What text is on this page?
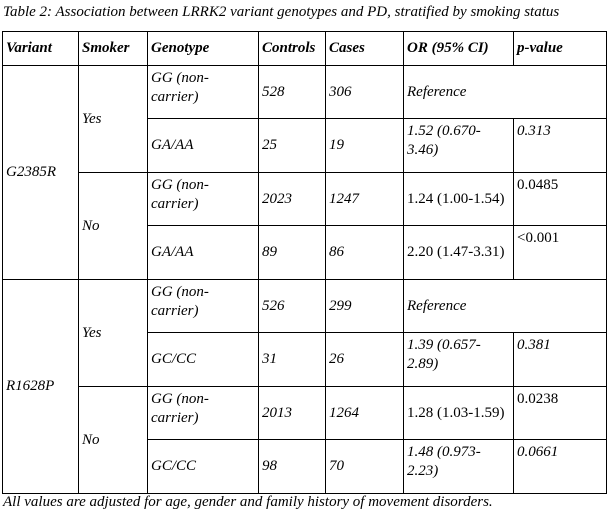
Table 2: Association between LRRK2 variant genotypes and PD, stratified by smoking status
Variant	Smoker	Genotype	Controls	Cases	OR (95% CI)	p-value
G2385R	Yes	GG (non-carrier)	528	306	Reference	
		GA/AA	25	19	1.52 (0.670-3.46)	0.313
	No	GG (non-carrier)	2023	1247	1.24 (1.00-1.54)	0.0485
		GA/AA	89	86	2.20 (1.47-3.31)	<0.001
R1628P	Yes	GG (non-carrier)	526	299	Reference	
		GC/CC	31	26	1.39 (0.657-2.89)	0.381
	No	GG (non-carrier)	2013	1264	1.28 (1.03-1.59)	0.0238
		GC/CC	98	70	1.48 (0.973-2.23)	0.0661
All values are adjusted for age, gender and family history of movement disorders.
